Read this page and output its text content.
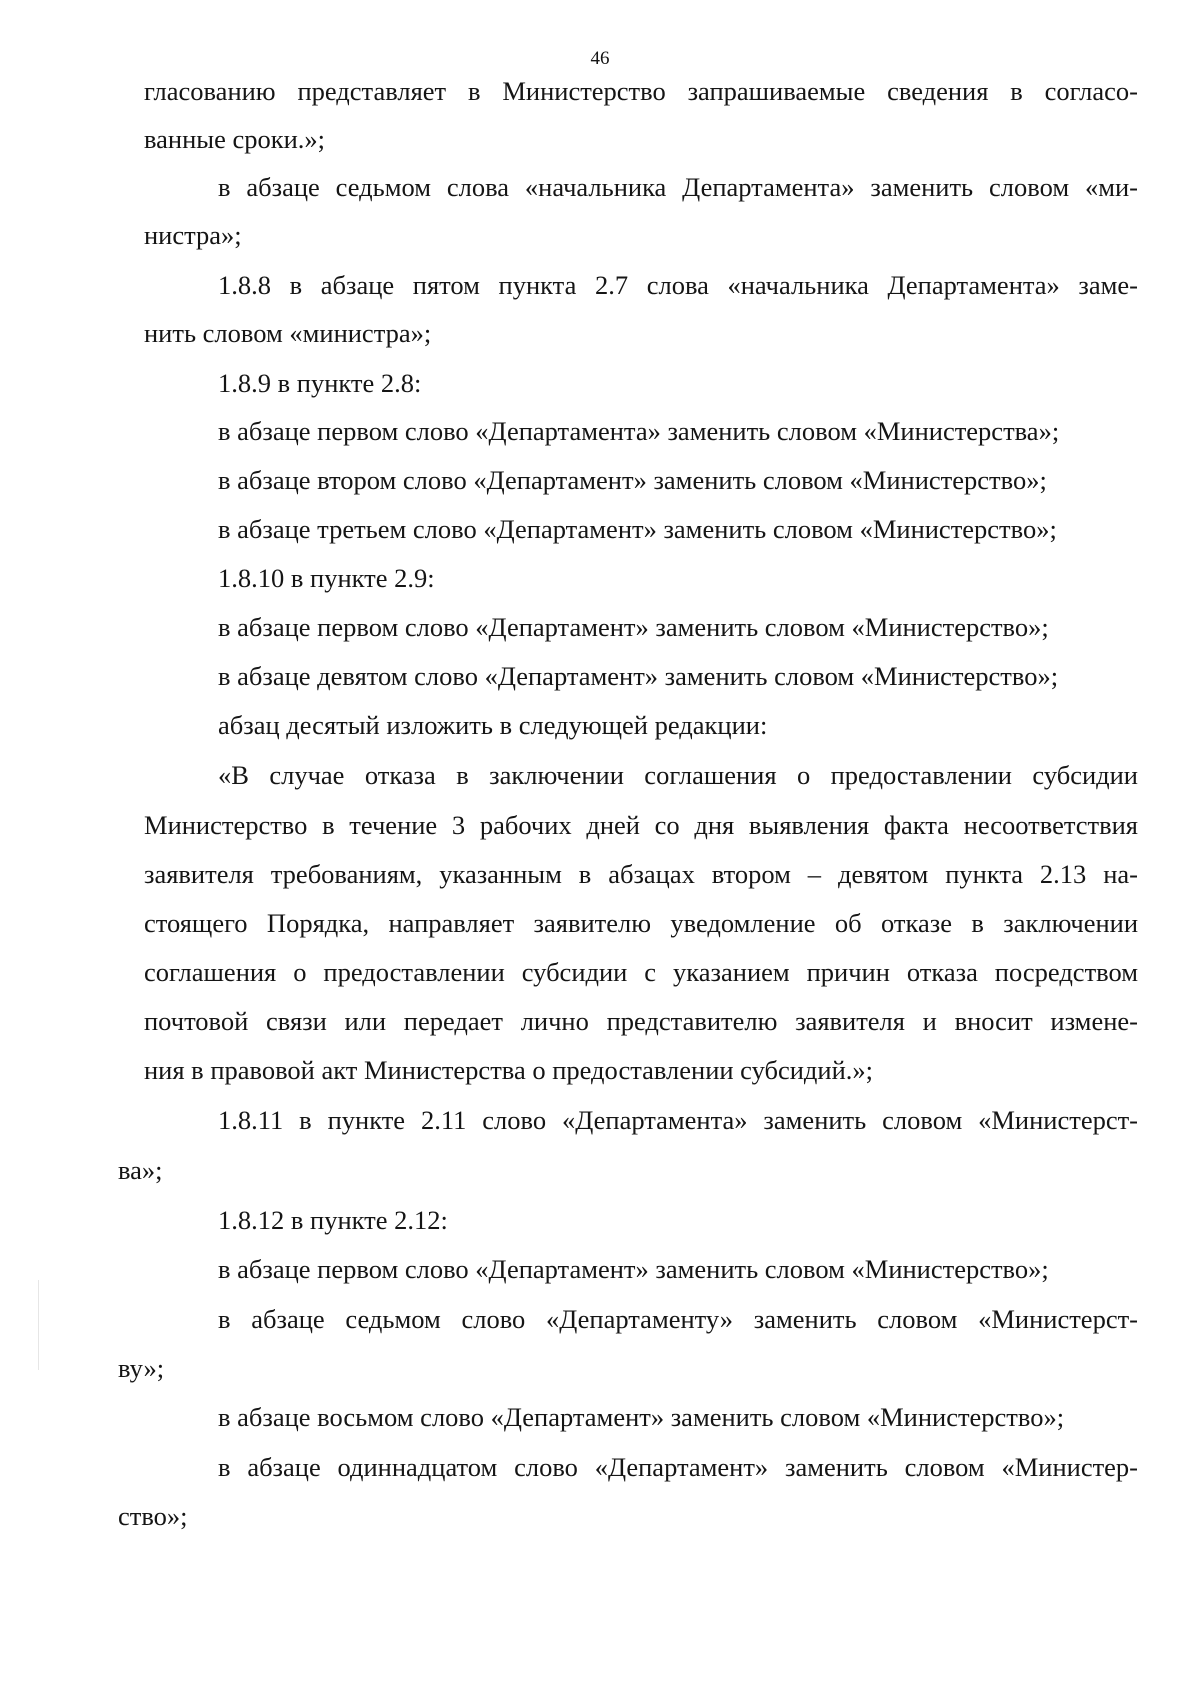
46
гласованию представляет в Министерство запрашиваемые сведения в согласо-
ванные сроки.»;
в абзаце седьмом слова «начальника Департамента» заменить словом «ми-
нистра»;
1.8.8 в абзаце пятом пункта 2.7 слова «начальника Департамента» заме-
нить словом «министра»;
1.8.9 в пункте 2.8:
в абзаце первом слово «Департамента» заменить словом «Министерства»;
в абзаце втором слово «Департамент» заменить словом «Министерство»;
в абзаце третьем слово «Департамент» заменить словом «Министерство»;
1.8.10 в пункте 2.9:
в абзаце первом слово «Департамент» заменить словом «Министерство»;
в абзаце девятом слово «Департамент» заменить словом «Министерство»;
абзац десятый изложить в следующей редакции:
«В случае отказа в заключении соглашения о предоставлении субсидии
Министерство в течение 3 рабочих дней со дня выявления факта несоответствия
заявителя требованиям, указанным в абзацах втором – девятом пункта 2.13 на-
стоящего Порядка, направляет заявителю уведомление об отказе в заключении
соглашения о предоставлении субсидии с указанием причин отказа посредством
почтовой связи или передает лично представителю заявителя и вносит измене-
ния в правовой акт Министерства о предоставлении субсидий.»;
1.8.11 в пункте 2.11 слово «Департамента» заменить словом «Министерст-
ва»;
1.8.12 в пункте 2.12:
в абзаце первом слово «Департамент» заменить словом «Министерство»;
в абзаце седьмом слово «Департаменту» заменить словом «Министерст-
ву»;
в абзаце восьмом слово «Департамент» заменить словом «Министерство»;
в абзаце одиннадцатом слово «Департамент» заменить словом «Министер-
ство»;
